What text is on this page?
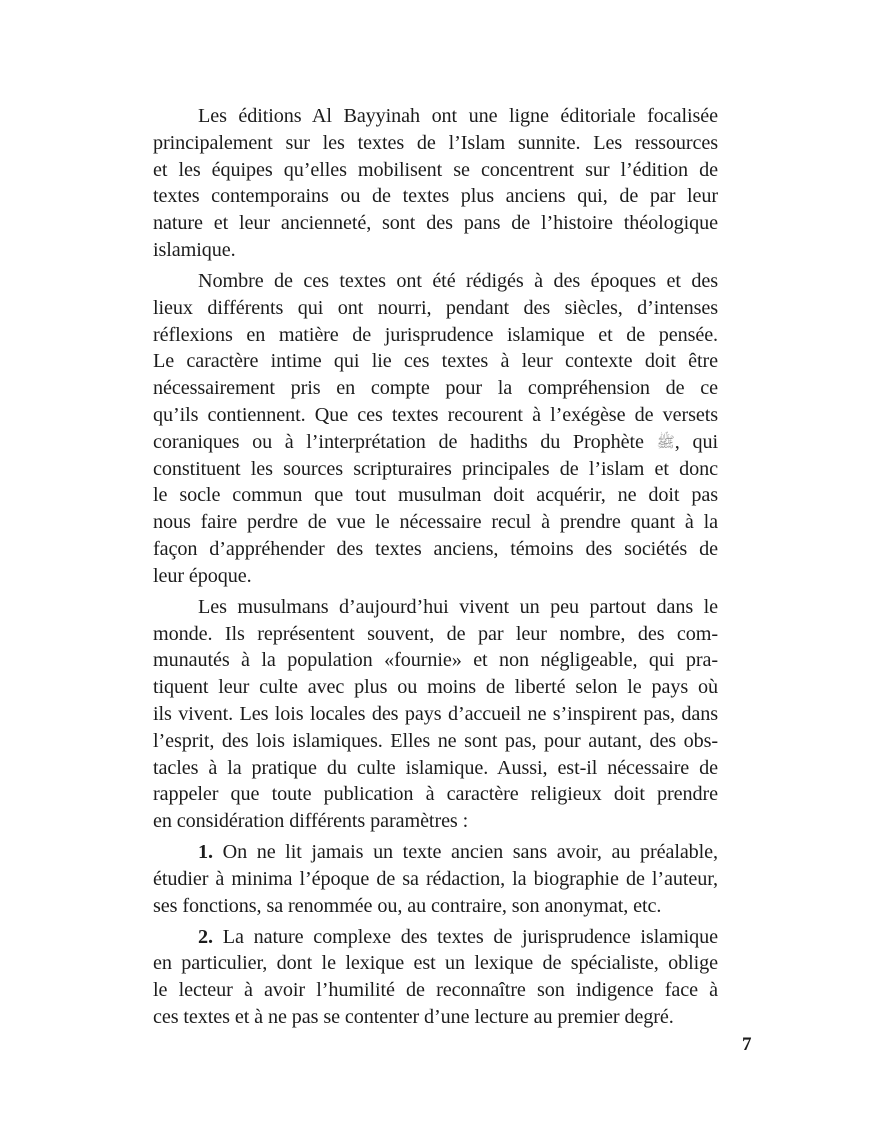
Les éditions Al Bayyinah ont une ligne éditoriale focalisée
principalement sur les textes de l’Islam sunnite. Les ressources
et les équipes qu’elles mobilisent se concentrent sur l’édition de
textes contemporains ou de textes plus anciens qui, de par leur
nature et leur ancienneté, sont des pans de l’histoire théologique
islamique.
Nombre de ces textes ont été rédigés à des époques et des
lieux différents qui ont nourri, pendant des siècles, d’intenses
réflexions en matière de jurisprudence islamique et de pensée.
Le caractère intime qui lie ces textes à leur contexte doit être
nécessairement pris en compte pour la compréhension de ce
qu’ils contiennent. Que ces textes recourent à l’exégèse de versets
coraniques ou à l’interprétation de hadiths du Prophète ﷺ, qui
constituent les sources scripturaires principales de l’islam et donc
le socle commun que tout musulman doit acquérir, ne doit pas
nous faire perdre de vue le nécessaire recul à prendre quant à la
façon d’appréhender des textes anciens, témoins des sociétés de
leur époque.
Les musulmans d’aujourd’hui vivent un peu partout dans le
monde. Ils représentent souvent, de par leur nombre, des com-
munautés à la population «fournie» et non négligeable, qui pra-
tiquent leur culte avec plus ou moins de liberté selon le pays où
ils vivent. Les lois locales des pays d’accueil ne s’inspirent pas, dans
l’esprit, des lois islamiques. Elles ne sont pas, pour autant, des obs-
tacles à la pratique du culte islamique. Aussi, est-il nécessaire de
rappeler que toute publication à caractère religieux doit prendre
en considération différents paramètres :
1. On ne lit jamais un texte ancien sans avoir, au préalable,
étudier à minima l’époque de sa rédaction, la biographie de l’auteur,
ses fonctions, sa renommée ou, au contraire, son anonymat, etc.
2. La nature complexe des textes de jurisprudence islamique
en particulier, dont le lexique est un lexique de spécialiste, oblige
le lecteur à avoir l’humilité de reconnaître son indigence face à
ces textes et à ne pas se contenter d’une lecture au premier degré.
7
